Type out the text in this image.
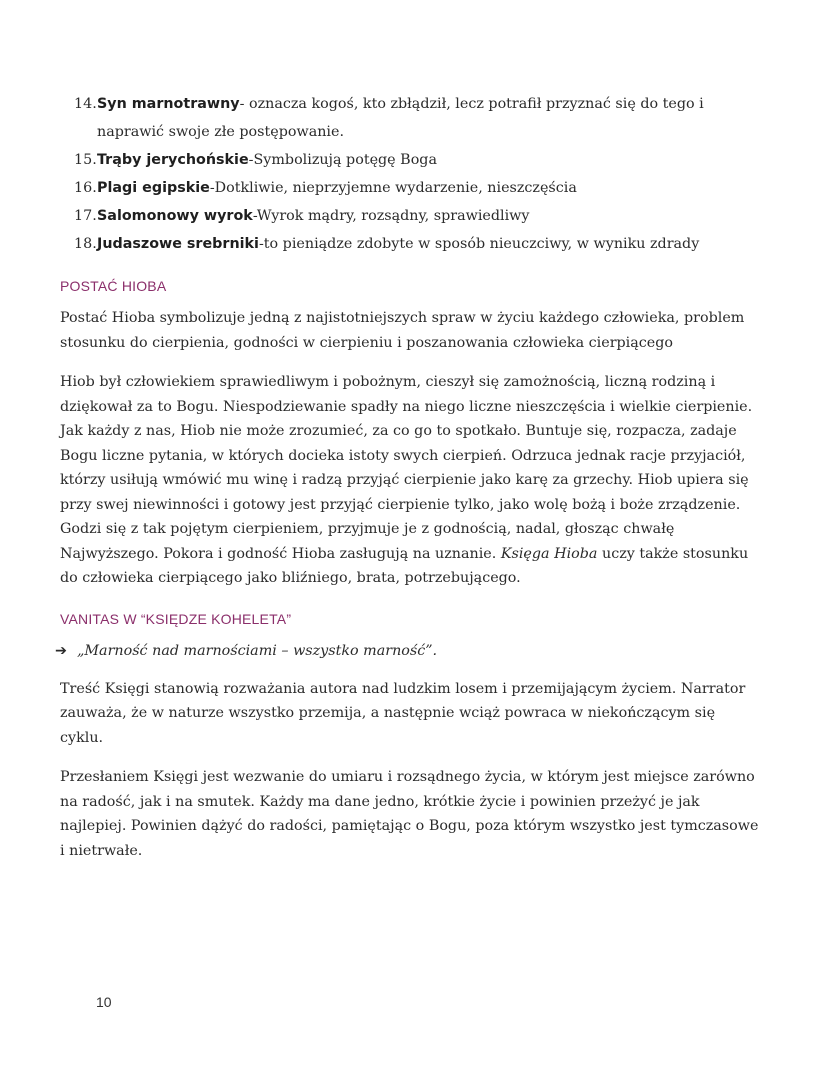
14. Syn marnotrawny- oznacza kogoś, kto zbłądził, lecz potrafił przyznać się do tego i naprawić swoje złe postępowanie.
15. Trąby jerychońskie-Symbolizują potęgę Boga
16. Plagi egipskie-Dotkliwie, nieprzyjemne wydarzenie, nieszczęścia
17. Salomonowy wyrok-Wyrok mądry, rozsądny, sprawiedliwy
18. Judaszowe srebrniki-to pieniądze zdobyte w sposób nieuczciwy, w wyniku zdrady
POSTAĆ HIOBA

Postać Hioba symbolizuje jedną z najistotniejszych spraw w życiu każdego człowieka, problem stosunku do cierpienia, godności w cierpieniu i poszanowania człowieka cierpiącego

Hiob był człowiekiem sprawiedliwym i pobożnym, cieszył się zamożnością, liczną rodziną i dziękował za to Bogu. Niespodziewanie spadły na niego liczne nieszczęścia i wielkie cierpienie. Jak każdy z nas, Hiob nie może zrozumieć, za co go to spotkało. Buntuje się, rozpacza, zadaje Bogu liczne pytania, w których docieka istoty swych cierpień. Odrzuca jednak racje przyjaciół, którzy usiłują wmówić mu winę i radzą przyjąć cierpienie jako karę za grzechy. Hiob upiera się przy swej niewinności i gotowy jest przyjąć cierpienie tylko, jako wolę bożą i boże zrządzenie. Godzi się z tak pojętym cierpieniem, przyjmuje je z godnością, nadal, głosząc chwałę Najwyższego. Pokora i godność Hioba zasługują na uznanie. Księga Hioba uczy także stosunku do człowieka cierpiącego jako bliźniego, brata, potrzebującego.

VANITAS W “KSIĘDZE KOHELETA”
➔ „Marność nad marnościami – wszystko marność”.

Treść Księgi stanowią rozważania autora nad ludzkim losem i przemijającym życiem. Narrator zauważa, że w naturze wszystko przemija, a następnie wciąż powraca w niekończącym się cyklu.

Przesłaniem Księgi jest wezwanie do umiaru i rozsądnego życia, w którym jest miejsce zarówno na radość, jak i na smutek. Każdy ma dane jedno, krótkie życie i powinien przeżyć je jak najlepiej. Powinien dążyć do radości, pamiętając o Bogu, poza którym wszystko jest tymczasowe i nietrwałe.

10
